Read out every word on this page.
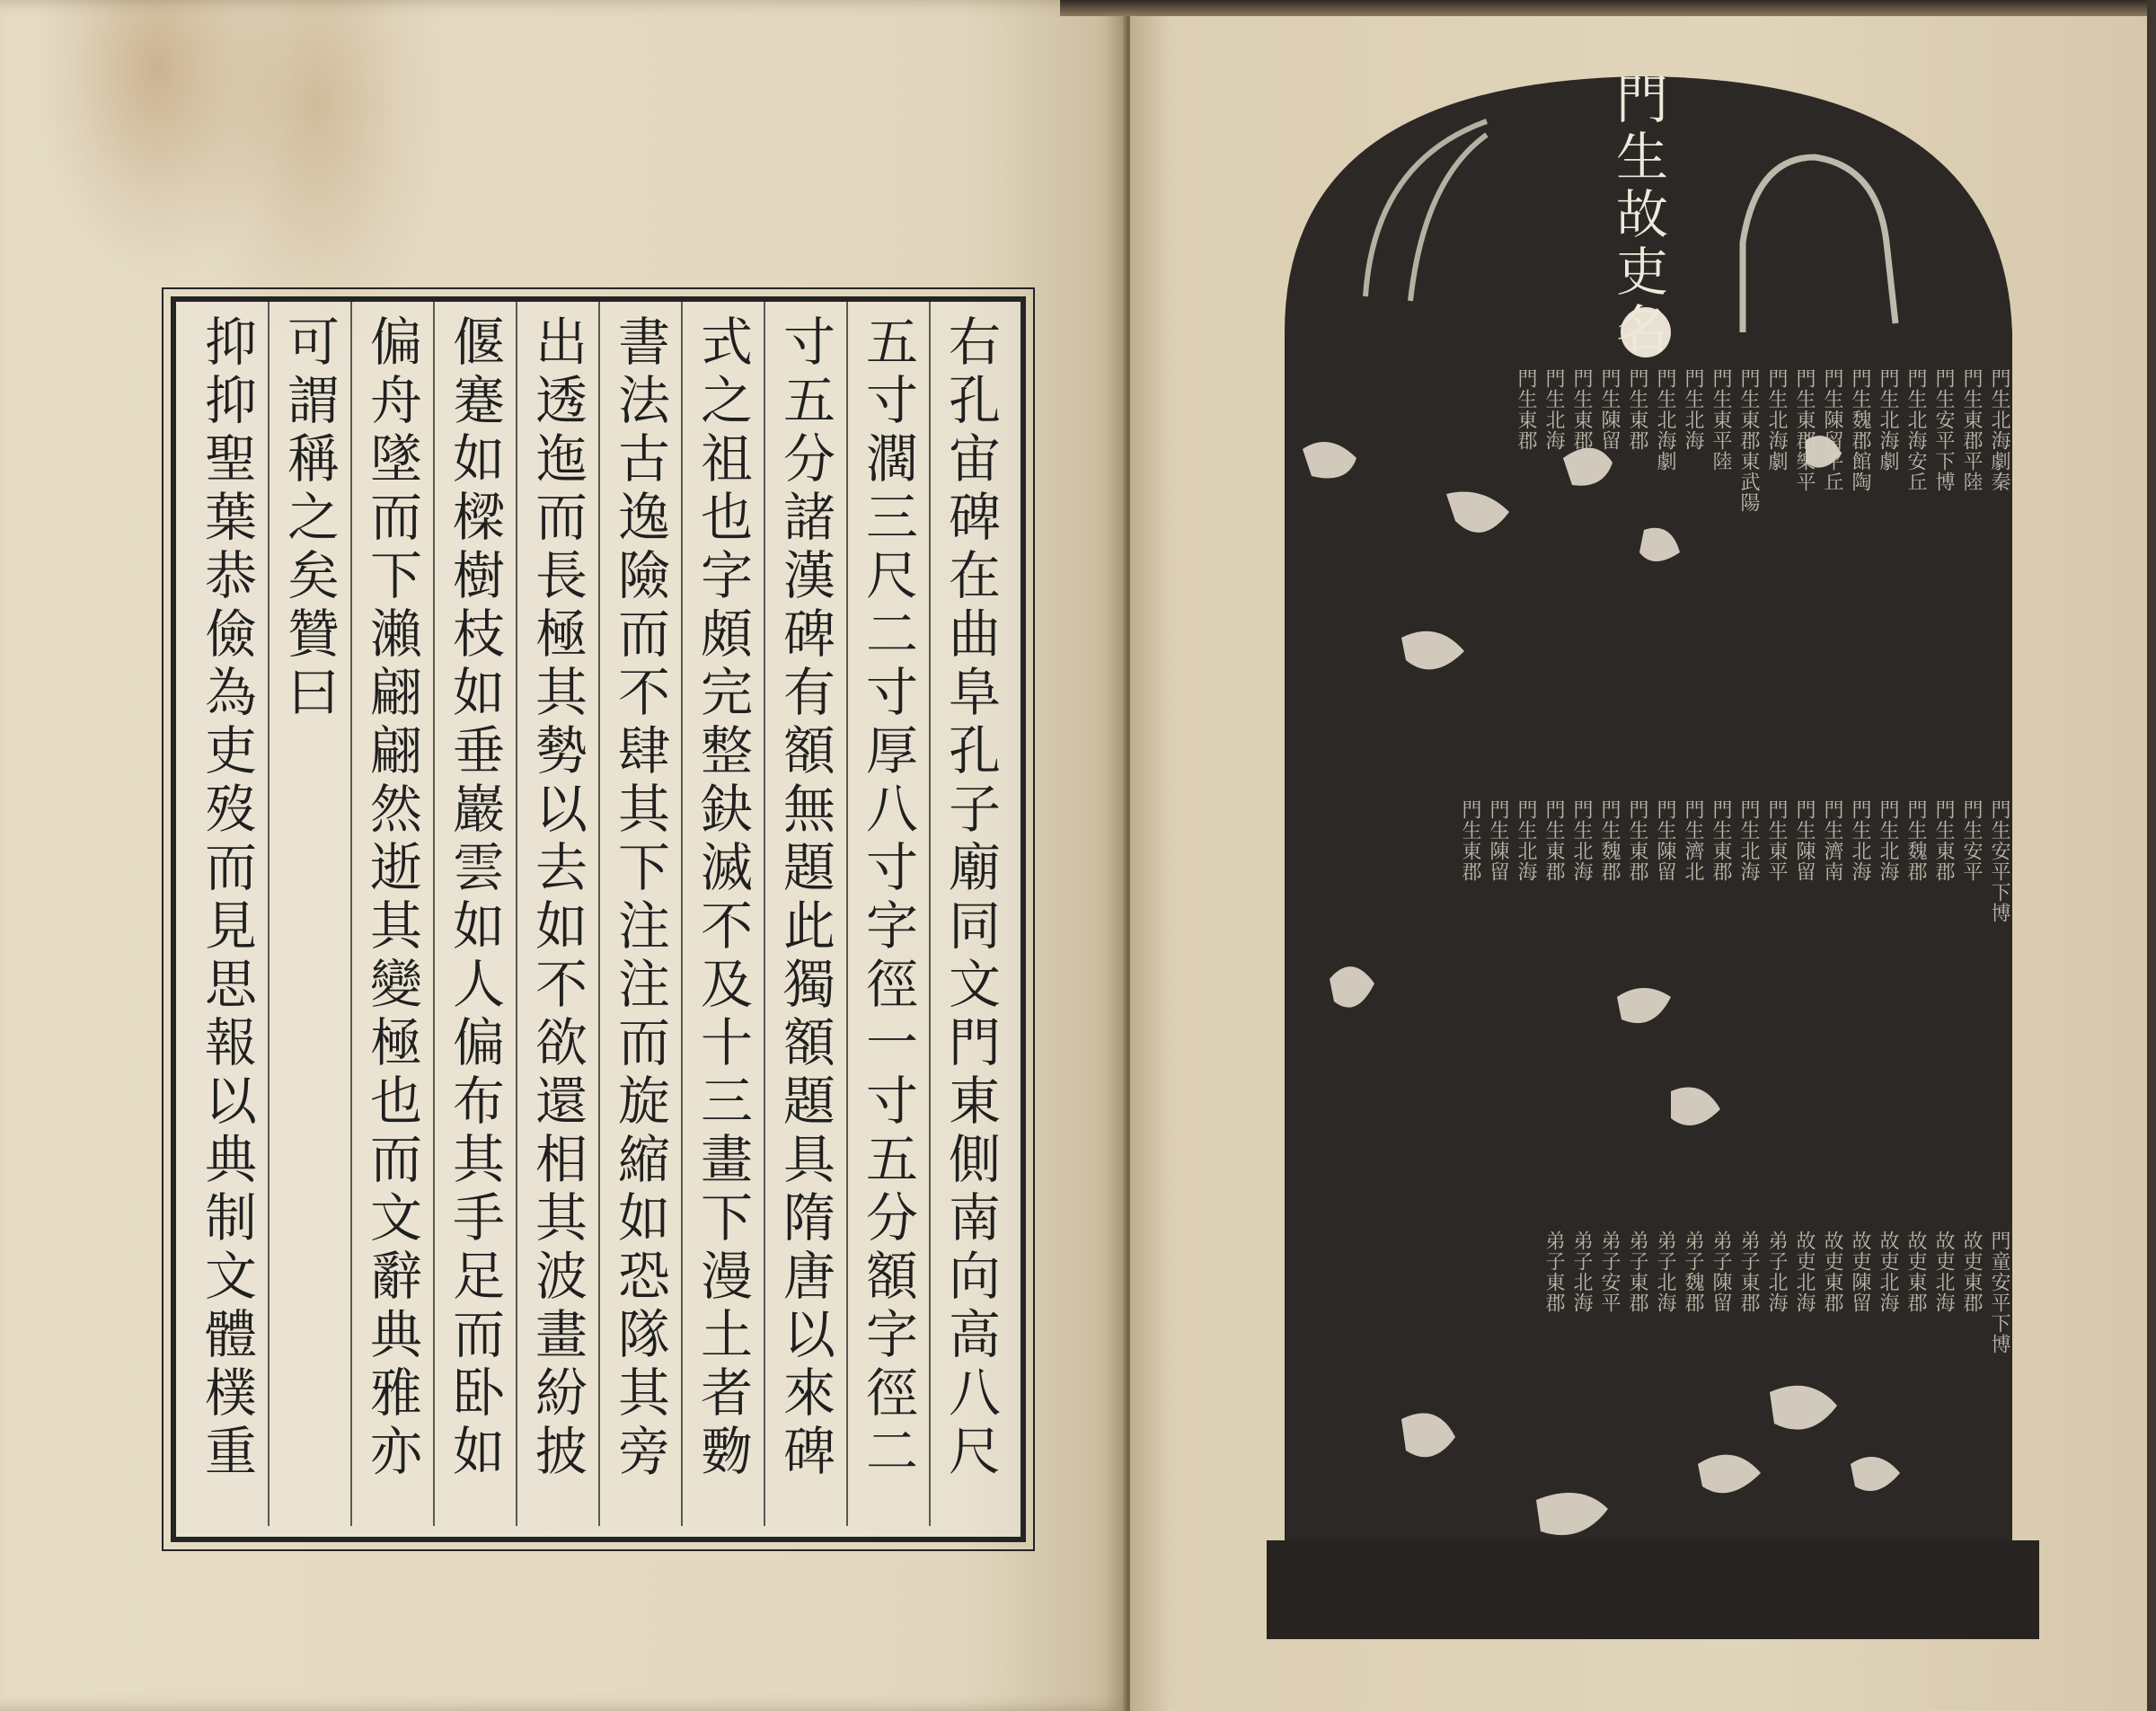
右孔宙碑在曲阜孔子廟同文門東側南向高八尺
五寸濶三尺二寸厚八寸字徑一寸五分額字徑二
寸五分諸漢碑有額無題此獨額題具隋唐以來碑
式之祖也字頗完整鈌滅不及十三畫下漫土者覅
書法古逸險而不肆其下注注而旋縮如恐隊其旁
出透迤而長極其勢以去如不欲還相其波畫紛披
偃蹇如樑樹枝如垂巖雲如人偏布其手足而卧如
偏舟墜而下瀨翩翩然逝其變極也而文辭典雅亦
可謂稱之矣贊曰
抑抑聖葉恭儉為吏歿而見思報以典制文體樸重
門生故吏名
門生北海劇秦
門生東郡平陸
門生安平下博
門生北海安丘
門生北海劇
門生魏郡館陶
門生陳留平丘
門生東郡樂平
門生北海劇
門生東郡東武陽
門生東平陸
門生北海
門生北海劇
門生東郡
門生陳留
門生東郡
門生北海
門生東郡
門生安平下博
門生安平
門生東郡
門生魏郡
門生北海
門生北海
門生濟南
門生陳留
門生東平
門生北海
門生東郡
門生濟北
門生陳留
門生東郡
門生魏郡
門生北海
門生東郡
門生北海
門生陳留
門生東郡
門童安平下博
故吏東郡
故吏北海
故吏東郡
故吏北海
故吏陳留
故吏東郡
故吏北海
弟子北海
弟子東郡
弟子陳留
弟子魏郡
弟子北海
弟子東郡
弟子安平
弟子北海
弟子東郡
